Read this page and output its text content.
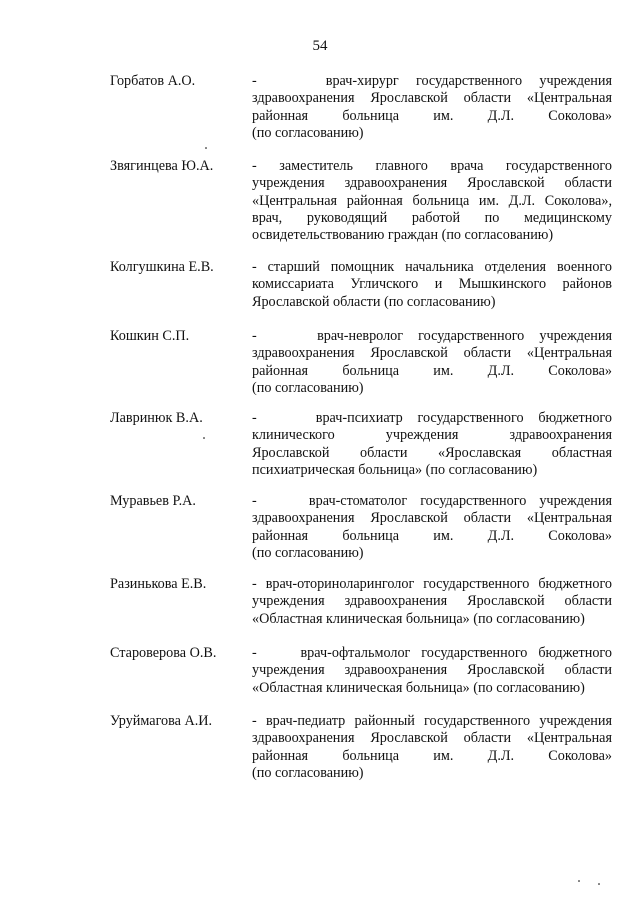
54
Горбатов А.О.	-    врач-хирург государственного учреждения

здравоохранения Ярославской области «Центральная

районная больница им. Д.Л. Соколова»

(по согласованию)

Звягинцева Ю.А.	- заместитель главного врача государственного

учреждения здравоохранения Ярославской области

«Центральная районная больница им. Д.Л. Соколова»,

врач, руководящий работой по медицинскому

освидетельствованию граждан (по согласованию)

Колгушкина Е.В.	- старший помощник начальника отделения военного

комиссариата Угличского и Мышкинского районов

Ярославской области (по согласованию)

Кошкин С.П.	-    врач-невролог государственного учреждения

здравоохранения Ярославской области «Центральная

районная больница им. Д.Л. Соколова»

(по согласованию)

Лавринюк В.А.	-    врач-психиатр государственного бюджетного

клинического учреждения здравоохранения

Ярославской области «Ярославская областная

психиатрическая больница» (по согласованию)

Муравьев Р.А.	-    врач-стоматолог государственного учреждения

здравоохранения Ярославской области «Центральная

районная больница им. Д.Л. Соколова»

(по согласованию)

Разинькова Е.В.	- врач-оториноларинголог государственного бюджетного

учреждения здравоохранения Ярославской области

«Областная клиническая больница» (по согласованию)

Староверова О.В.	-    врач-офтальмолог государственного бюджетного

учреждения здравоохранения Ярославской области

«Областная клиническая больница» (по согласованию)

Уруймагова А.И.	- врач-педиатр районный государственного учреждения

здравоохранения Ярославской области «Центральная

районная больница им. Д.Л. Соколова»

(по согласованию)
